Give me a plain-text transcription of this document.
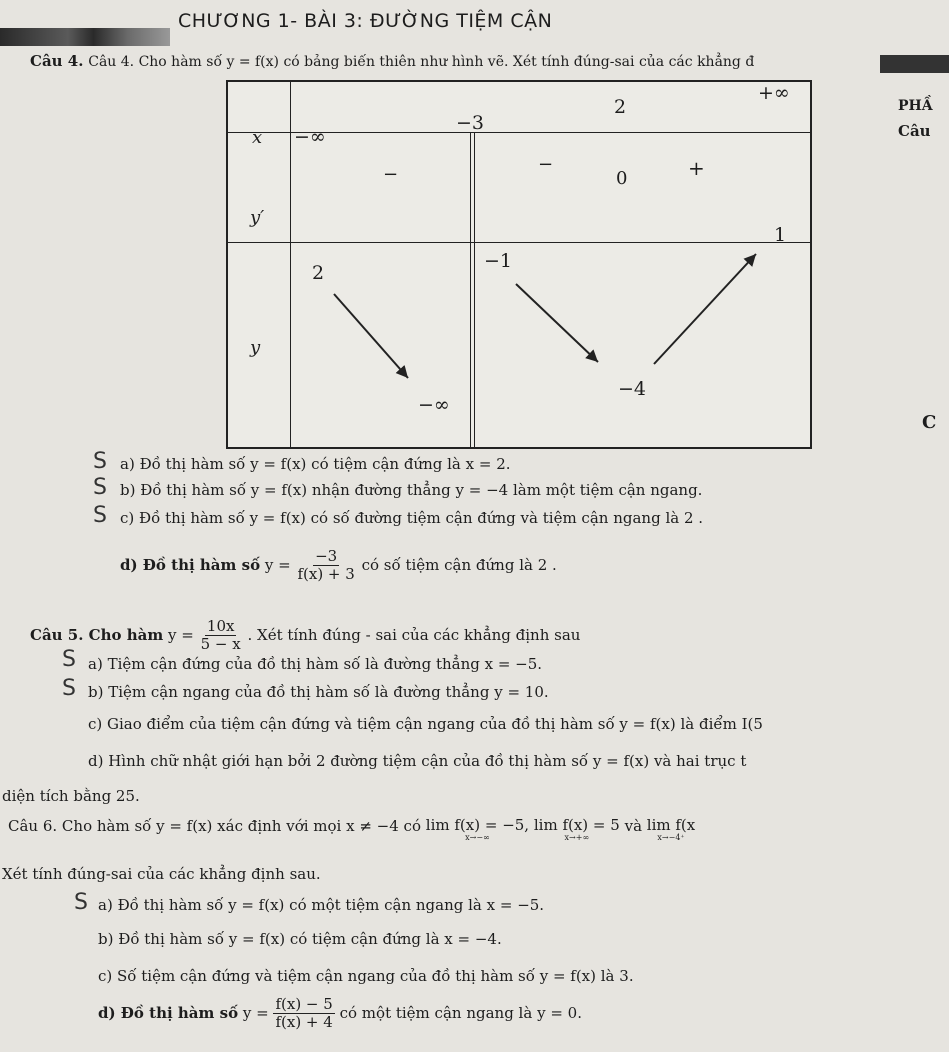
CHƯƠNG 1- BÀI 3: ĐƯỜNG TIỆM CẬN
Câu 4. Câu 4. Cho hàm số y = f(x) có bảng biến thiên như hình vẽ. Xét tính đúng-sai của các khẳng đ
PHẦ
Câu
C
x
y′
y
−∞
−3
2
+∞
−	−
0	+
2
−∞
−1
−4
1
S a) Đồ thị hàm số y = f(x) có tiệm cận đứng là x = 2.
S b) Đồ thị hàm số y = f(x) nhận đường thẳng y = −4 làm một tiệm cận ngang.
S c) Đồ thị hàm số y = f(x) có số đường tiệm cận đứng và tiệm cận ngang là 2 .
d) Đồ thị hàm số $y = \frac{-3}{f(x) + 3}$ có số tiệm cận đứng là 2 .
Câu 5. Cho hàm $y = \frac{10x}{5 - x}$ . Xét tính đúng - sai của các khẳng định sau
S a) Tiệm cận đứng của đồ thị hàm số là đường thẳng x = −5.
S b) Tiệm cận ngang của đồ thị hàm số là đường thẳng y = 10.
c) Giao điểm của tiệm cận đứng và tiệm cận ngang của đồ thị hàm số y = f(x) là điểm I(5
d) Hình chữ nhật giới hạn bởi 2 đường tiệm cận của đồ thị hàm số y = f(x) và hai trục t
diện tích bằng 25.
Câu 6. Cho hàm số y = f(x) xác định với mọi x ≠ −4 có lim f(x) = −5,
x→−∞

lim f(x) = 5
x→+∞
và lim f(x
x→−4⁺
Xét tính đúng-sai của các khẳng định sau.
S a) Đồ thị hàm số y = f(x) có một tiệm cận ngang là x = −5.
b) Đồ thị hàm số y = f(x) có tiệm cận đứng là x = −4.
c) Số tiệm cận đứng và tiệm cận ngang của đồ thị hàm số y = f(x) là 3.
d) Đồ thị hàm số $y = \frac{f(x) - 5}{f(x) + 4}$ có một tiệm cận ngang là y = 0.
